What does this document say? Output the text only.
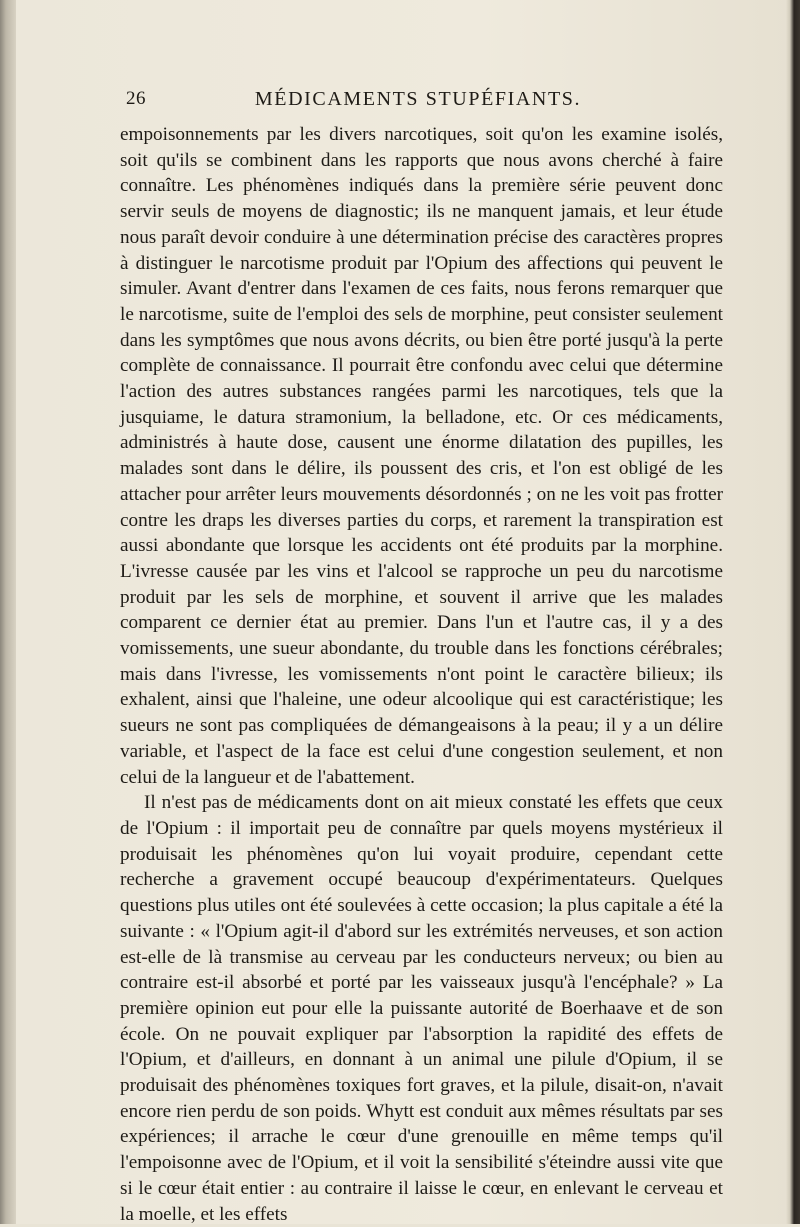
26	MÉDICAMENTS STUPÉFIANTS.

empoisonnements par les divers narcotiques, soit qu'on les examine isolés, soit qu'ils se combinent dans les rapports que nous avons cherché à faire connaître. Les phénomènes indiqués dans la première série peuvent donc servir seuls de moyens de diagnostic; ils ne manquent jamais, et leur étude nous paraît devoir conduire à une détermination précise des caractères propres à distinguer le narcotisme produit par l'Opium des affections qui peuvent le simuler. Avant d'entrer dans l'examen de ces faits, nous ferons remarquer que le narcotisme, suite de l'emploi des sels de morphine, peut consister seulement dans les symptômes que nous avons décrits, ou bien être porté jusqu'à la perte complète de connaissance. Il pourrait être confondu avec celui que détermine l'action des autres substances rangées parmi les narcotiques, tels que la jusquiame, le datura stramonium, la belladone, etc. Or ces médicaments, administrés à haute dose, causent une énorme dilatation des pupilles, les malades sont dans le délire, ils poussent des cris, et l'on est obligé de les attacher pour arrêter leurs mouvements désordonnés ; on ne les voit pas frotter contre les draps les diverses parties du corps, et rarement la transpiration est aussi abondante que lorsque les accidents ont été produits par la morphine. L'ivresse causée par les vins et l'alcool se rapproche un peu du narcotisme produit par les sels de morphine, et souvent il arrive que les malades comparent ce dernier état au premier. Dans l'un et l'autre cas, il y a des vomissements, une sueur abondante, du trouble dans les fonctions cérébrales; mais dans l'ivresse, les vomissements n'ont point le caractère bilieux; ils exhalent, ainsi que l'haleine, une odeur alcoolique qui est caractéristique; les sueurs ne sont pas compliquées de démangeaisons à la peau; il y a un délire variable, et l'aspect de la face est celui d'une congestion seulement, et non celui de la langueur et de l'abattement.

Il n'est pas de médicaments dont on ait mieux constaté les effets que ceux de l'Opium : il importait peu de connaître par quels moyens mystérieux il produisait les phénomènes qu'on lui voyait produire, cependant cette recherche a gravement occupé beaucoup d'expérimentateurs. Quelques questions plus utiles ont été soulevées à cette occasion; la plus capitale a été la suivante : « l'Opium agit-il d'abord sur les extrémités nerveuses, et son action est-elle de là transmise au cerveau par les conducteurs nerveux; ou bien au contraire est-il absorbé et porté par les vaisseaux jusqu'à l'encéphale? » La première opinion eut pour elle la puissante autorité de Boerhaave et de son école. On ne pouvait expliquer par l'absorption la rapidité des effets de l'Opium, et d'ailleurs, en donnant à un animal une pilule d'Opium, il se produisait des phénomènes toxiques fort graves, et la pilule, disait-on, n'avait encore rien perdu de son poids. Whytt est conduit aux mêmes résultats par ses expériences; il arrache le cœur d'une grenouille en même temps qu'il l'empoisonne avec de l'Opium, et il voit la sensibilité s'éteindre aussi vite que si le cœur était entier : au contraire il laisse le cœur, en enlevant le cerveau et la moelle, et les effets
